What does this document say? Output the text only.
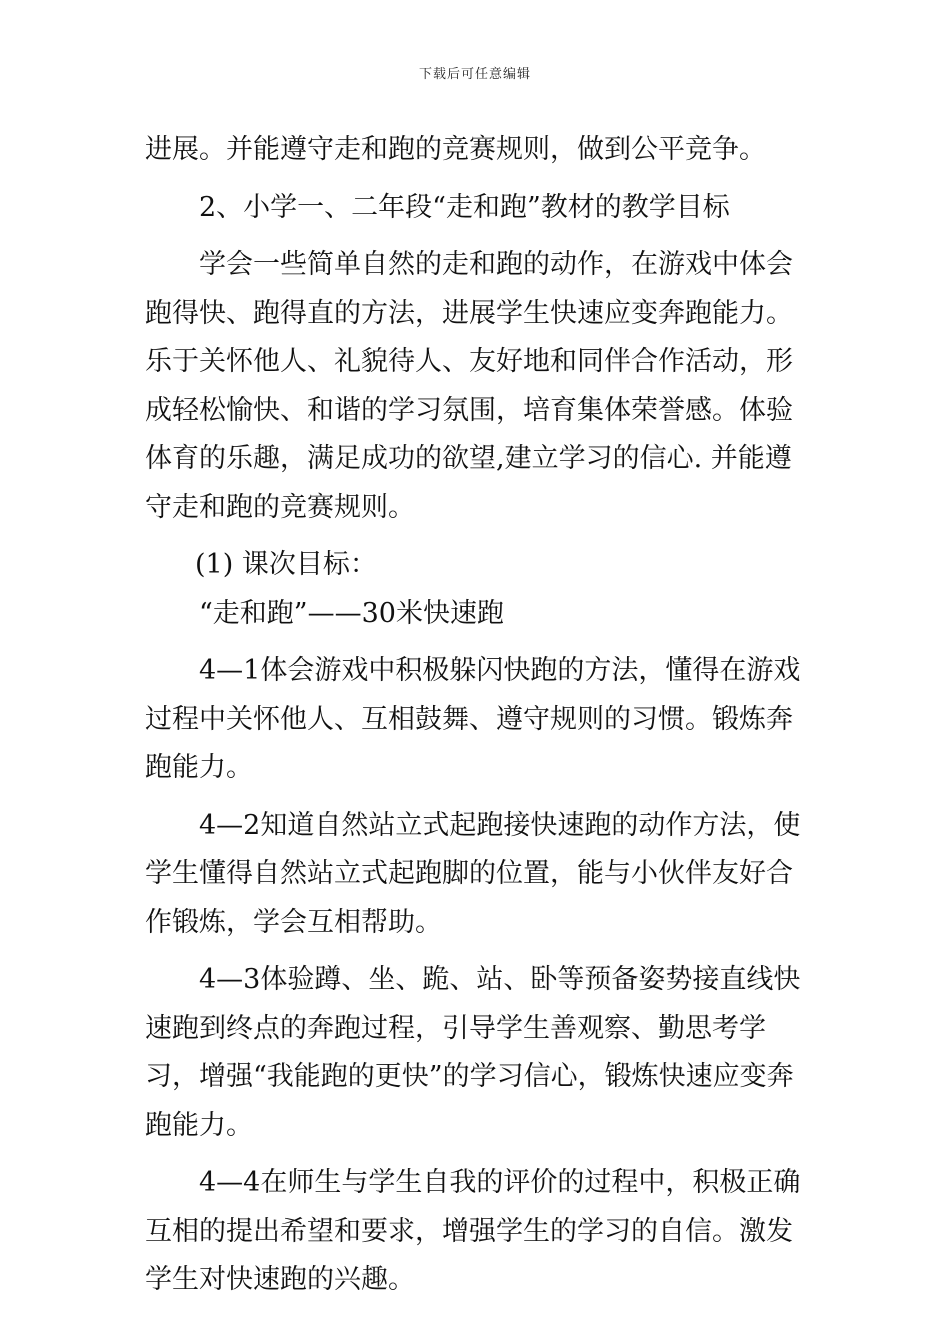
下载后可任意编辑

进展。并能遵守走和跑的竞赛规则，做到公平竞争。

2、小学一、二年段“走和跑”教材的教学目标

学会一些简单自然的走和跑的动作，在游戏中体会跑得快、跑得直的方法，进展学生快速应变奔跑能力。乐于关怀他人、礼貌待人、友好地和同伴合作活动，形成轻松愉快、和谐的学习氛围，培育集体荣誉感。体验体育的乐趣，满足成功的欲望,建立学习的信心. 并能遵守走和跑的竞赛规则。

(1) 课次目标：

“走和跑”——30米快速跑

4—1体会游戏中积极躲闪快跑的方法，懂得在游戏过程中关怀他人、互相鼓舞、遵守规则的习惯。锻炼奔跑能力。

4—2知道自然站立式起跑接快速跑的动作方法，使学生懂得自然站立式起跑脚的位置，能与小伙伴友好合作锻炼，学会互相帮助。

4—3体验蹲、坐、跪、站、卧等预备姿势接直线快速跑到终点的奔跑过程，引导学生善观察、勤思考学习，增强“我能跑的更快”的学习信心，锻炼快速应变奔跑能力。

4—4在师生与学生自我的评价的过程中，积极正确互相的提出希望和要求，增强学生的学习的自信。激发学生对快速跑的兴趣。
